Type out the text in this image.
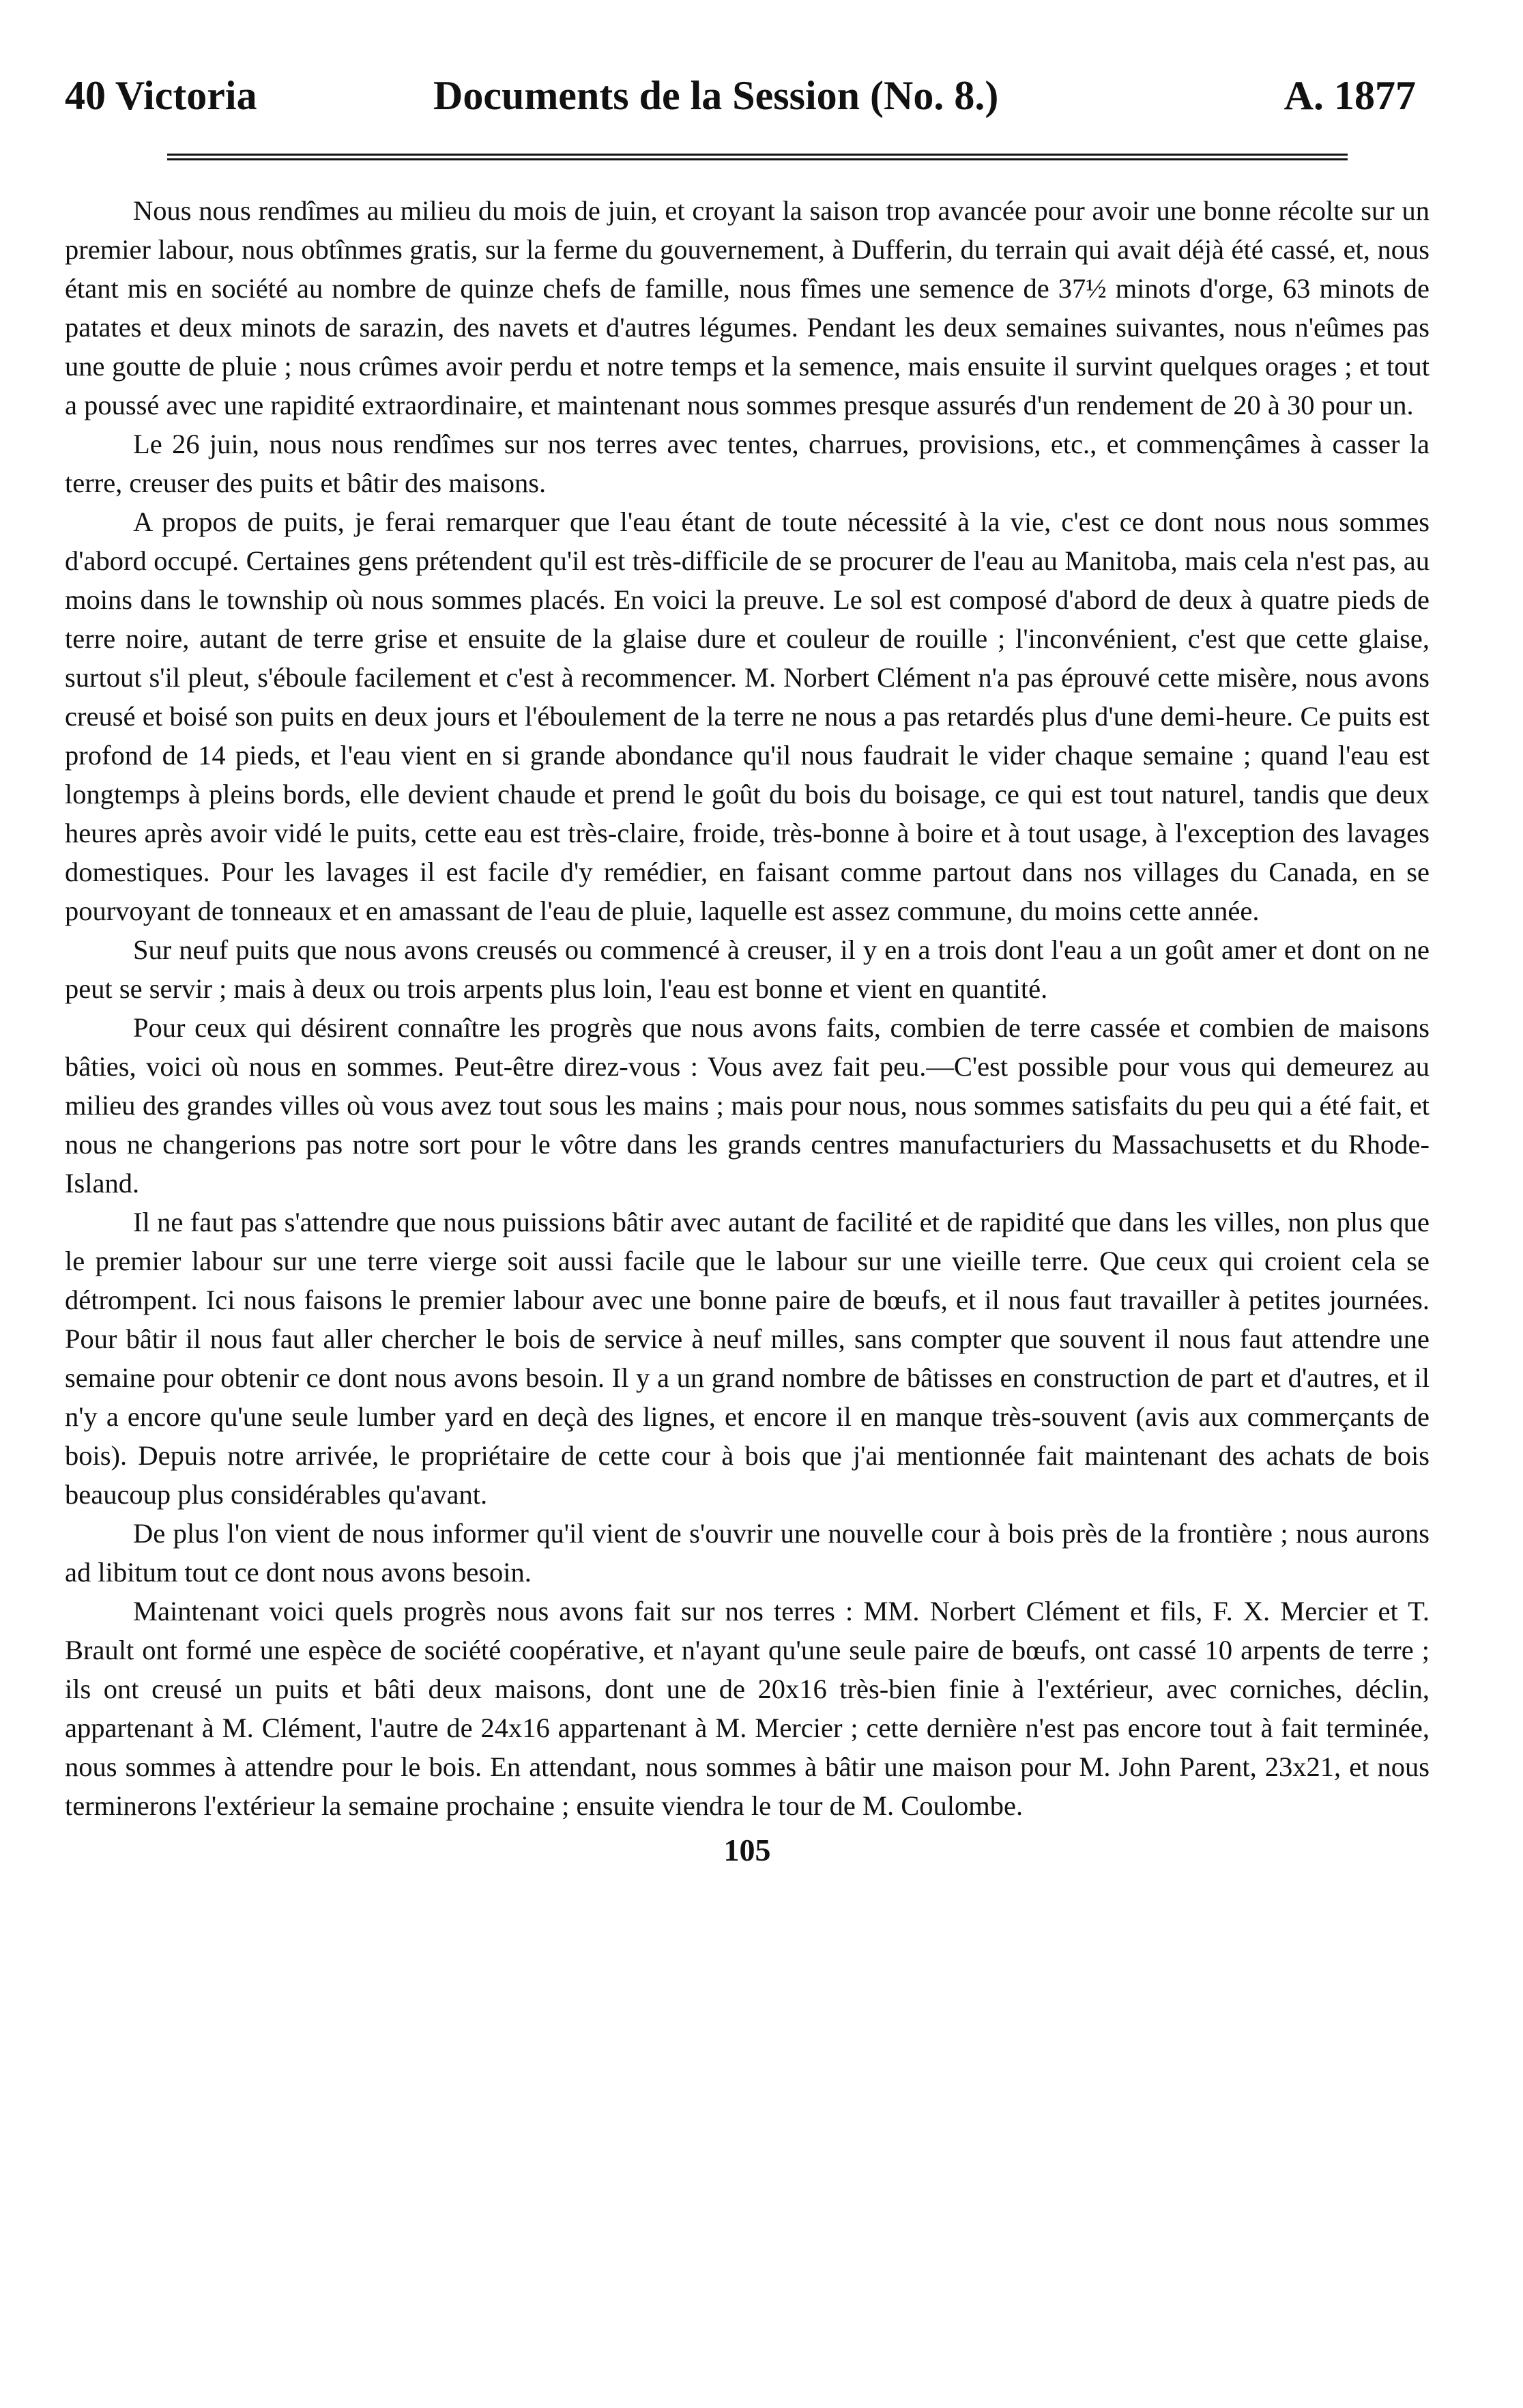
40 Victoria	Documents de la Session (No. 8.)	A. 1877

Nous nous rendîmes au milieu du mois de juin, et croyant la saison trop avancée pour avoir une bonne récolte sur un premier labour, nous obtînmes gratis, sur la ferme du gouvernement, à Dufferin, du terrain qui avait déjà été cassé, et, nous étant mis en société au nombre de quinze chefs de famille, nous fîmes une semence de 37½ minots d'orge, 63 minots de patates et deux minots de sarazin, des navets et d'autres légumes. Pendant les deux semaines suivantes, nous n'eûmes pas une goutte de pluie ; nous crûmes avoir perdu et notre temps et la semence, mais ensuite il survint quelques orages ; et tout a poussé avec une rapidité extraordinaire, et maintenant nous sommes presque assurés d'un rendement de 20 à 30 pour un.

Le 26 juin, nous nous rendîmes sur nos terres avec tentes, charrues, provisions, etc., et commençâmes à casser la terre, creuser des puits et bâtir des maisons.

A propos de puits, je ferai remarquer que l'eau étant de toute nécessité à la vie, c'est ce dont nous nous sommes d'abord occupé. Certaines gens prétendent qu'il est très-difficile de se procurer de l'eau au Manitoba, mais cela n'est pas, au moins dans le township où nous sommes placés. En voici la preuve. Le sol est composé d'abord de deux à quatre pieds de terre noire, autant de terre grise et ensuite de la glaise dure et couleur de rouille ; l'inconvénient, c'est que cette glaise, surtout s'il pleut, s'éboule facilement et c'est à recommencer. M. Norbert Clément n'a pas éprouvé cette misère, nous avons creusé et boisé son puits en deux jours et l'éboulement de la terre ne nous a pas retardés plus d'une demi-heure. Ce puits est profond de 14 pieds, et l'eau vient en si grande abondance qu'il nous faudrait le vider chaque semaine ; quand l'eau est longtemps à pleins bords, elle devient chaude et prend le goût du bois du boisage, ce qui est tout naturel, tandis que deux heures après avoir vidé le puits, cette eau est très-claire, froide, très-bonne à boire et à tout usage, à l'exception des lavages domestiques. Pour les lavages il est facile d'y remédier, en faisant comme partout dans nos villages du Canada, en se pourvoyant de tonneaux et en amassant de l'eau de pluie, laquelle est assez commune, du moins cette année.

Sur neuf puits que nous avons creusés ou commencé à creuser, il y en a trois dont l'eau a un goût amer et dont on ne peut se servir ; mais à deux ou trois arpents plus loin, l'eau est bonne et vient en quantité.

Pour ceux qui désirent connaître les progrès que nous avons faits, combien de terre cassée et combien de maisons bâties, voici où nous en sommes. Peut-être direz-vous : Vous avez fait peu.—C'est possible pour vous qui demeurez au milieu des grandes villes où vous avez tout sous les mains ; mais pour nous, nous sommes satisfaits du peu qui a été fait, et nous ne changerions pas notre sort pour le vôtre dans les grands centres manufacturiers du Massachusetts et du Rhode-Island.

Il ne faut pas s'attendre que nous puissions bâtir avec autant de facilité et de rapidité que dans les villes, non plus que le premier labour sur une terre vierge soit aussi facile que le labour sur une vieille terre. Que ceux qui croient cela se détrompent. Ici nous faisons le premier labour avec une bonne paire de bœufs, et il nous faut travailler à petites journées. Pour bâtir il nous faut aller chercher le bois de service à neuf milles, sans compter que souvent il nous faut attendre une semaine pour obtenir ce dont nous avons besoin. Il y a un grand nombre de bâtisses en construction de part et d'autres, et il n'y a encore qu'une seule lumber yard en deçà des lignes, et encore il en manque très-souvent (avis aux commerçants de bois). Depuis notre arrivée, le propriétaire de cette cour à bois que j'ai mentionnée fait maintenant des achats de bois beaucoup plus considérables qu'avant.

De plus l'on vient de nous informer qu'il vient de s'ouvrir une nouvelle cour à bois près de la frontière ; nous aurons ad libitum tout ce dont nous avons besoin.

Maintenant voici quels progrès nous avons fait sur nos terres : MM. Norbert Clément et fils, F. X. Mercier et T. Brault ont formé une espèce de société coopérative, et n'ayant qu'une seule paire de bœufs, ont cassé 10 arpents de terre ; ils ont creusé un puits et bâti deux maisons, dont une de 20x16 très-bien finie à l'extérieur, avec corniches, déclin, appartenant à M. Clément, l'autre de 24x16 appartenant à M. Mercier ; cette dernière n'est pas encore tout à fait terminée, nous sommes à attendre pour le bois. En attendant, nous sommes à bâtir une maison pour M. John Parent, 23x21, et nous terminerons l'extérieur la semaine prochaine ; ensuite viendra le tour de M. Coulombe.

105
